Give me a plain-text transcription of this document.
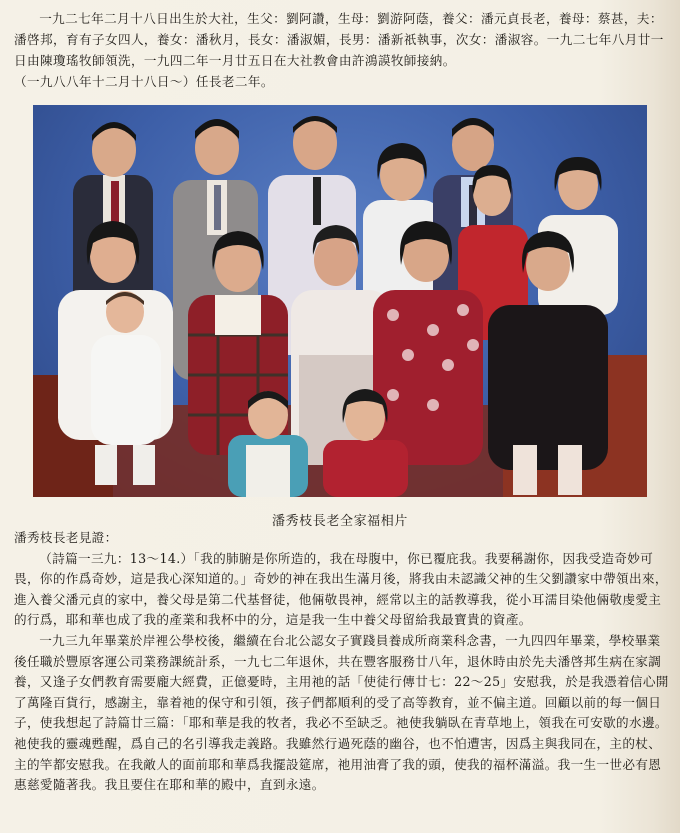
一九二七年二月十八日出生於大社，生父：劉阿讚，生母：劉游阿蔭，養父：潘元貞長老，養母：蔡甚，夫：潘啓邦，育有子女四人，養女：潘秋月，長女：潘淑媚，長男：潘新祇執事，次女：潘淑容。一九二七年八月廿一日由陳瓊瑤牧師領洗，一九四二年一月廿五日在大社教會由許鴻謨牧師接納。

（一九八八年十二月十八日～）任長老二年。

潘秀枝長老全家福相片

潘秀枝長老見證：

（詩篇一三九：13～14.）「我的肺腑是你所造的，我在母腹中，你已覆庇我。我要稱謝你，因我受造奇妙可畏，你的作爲奇妙，這是我心深知道的。」奇妙的神在我出生滿月後，將我由未認識父神的生父劉讚家中帶領出來，進入養父潘元貞的家中，養父母是第二代基督徒，他倆敬畏神，經常以主的話教導我，從小耳濡目染他倆敬虔愛主的行爲，耶和華也成了我的產業和我杯中的分，這是我一生中養父母留給我最寶貴的資產。

一九三九年畢業於岸裡公學校後，繼續在台北公認女子實踐員養成所商業科念書，一九四四年畢業，學校畢業後任職於豐原客運公司業務課統計系，一九七二年退休，共在豐客服務廿八年，退休時由於先夫潘啓邦生病在家調養，又逢子女們教育需要龐大經費，正億憂時，主用祂的話「使徒行傳廿七：22～25」安慰我，於是我憑着信心開了萬隆百貨行，感謝主，靠着祂的保守和引領，孩子們都順利的受了高等教育，並不偏主道。回顧以前的每一個日子，使我想起了詩篇廿三篇：「耶和華是我的牧者，我必不至缺乏。祂使我躺臥在青草地上，領我在可安歇的水邊。祂使我的靈魂甦醒，爲自己的名引導我走義路。我雖然行過死蔭的幽谷，也不怕遭害，因爲主與我同在，主的杖、主的竿都安慰我。在我敵人的面前耶和華爲我擺設筵席，祂用油膏了我的頭，使我的福杯滿溢。我一生一世必有恩惠慈愛隨著我。我且要住在耶和華的殿中，直到永遠。
